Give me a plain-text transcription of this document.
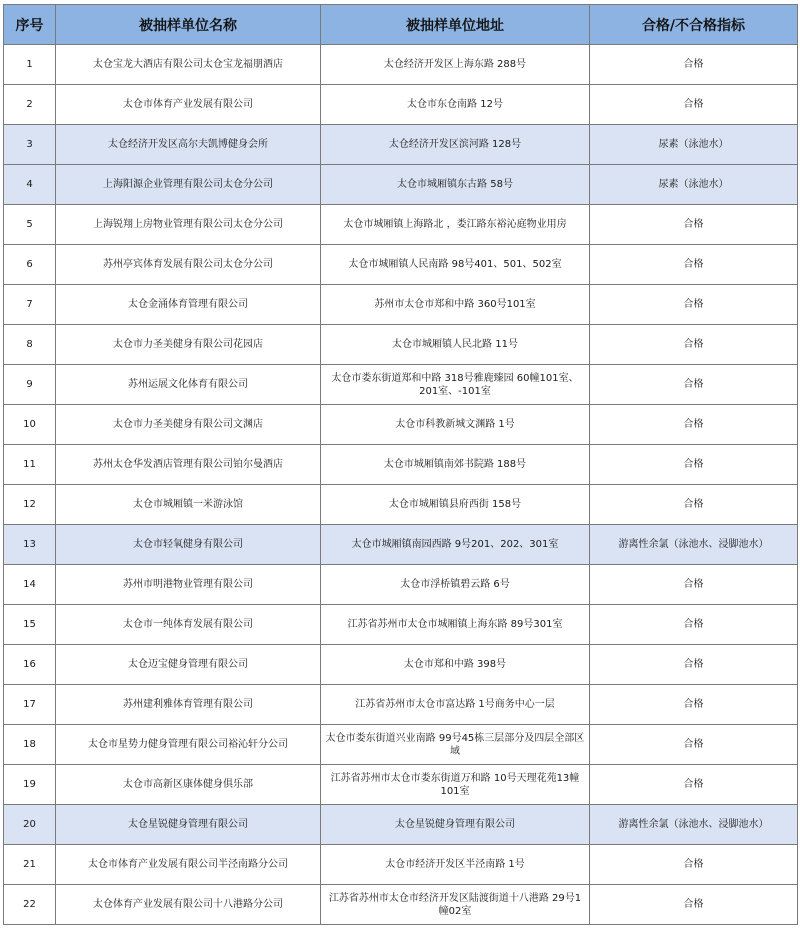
序号	被抽样单位名称	被抽样单位地址	合格/不合格指标
1	太仓宝龙大酒店有限公司太仓宝龙福朋酒店	太仓经济开发区上海东路 288号	合格
2	太仓市体育产业发展有限公司	太仓市东仓南路 12号	合格
3	太仓经济开发区高尔夫凯博健身会所	太仓经济开发区滨河路 128号	尿素（泳池水）
4	上海阳源企业管理有限公司太仓分公司	太仓市城厢镇东古路 58号	尿素（泳池水）
5	上海锐翔上房物业管理有限公司太仓分公司	太仓市城厢镇上海路北 ，娄江路东裕沁庭物业用房	合格
6	苏州亭宾体育发展有限公司太仓分公司	太仓市城厢镇人民南路 98号401、501、502室	合格
7	太仓金涌体育管理有限公司	苏州市太仓市郑和中路 360号101室	合格
8	太仓市力圣美健身有限公司花园店	太仓市城厢镇人民北路 11号	合格
9	苏州运展文化体育有限公司	太仓市娄东街道郑和中路 318号雅鹿臻园 60幢101室、201室、-101室	合格
10	太仓市力圣美健身有限公司文渊店	太仓市科教新城文渊路 1号	合格
11	苏州太仓华发酒店管理有限公司铂尔曼酒店	太仓市城厢镇南郊书院路 188号	合格
12	太仓市城厢镇一米游泳馆	太仓市城厢镇县府西街 158号	合格
13	太仓市轻氧健身有限公司	太仓市城厢镇南园西路 9号201、202、301室	游离性余氯（泳池水、浸脚池水）
14	苏州市明港物业管理有限公司	太仓市浮桥镇碧云路 6号	合格
15	太仓市一纯体育发展有限公司	江苏省苏州市太仓市城厢镇上海东路 89号301室	合格
16	太仓迈宝健身管理有限公司	太仓市郑和中路 398号	合格
17	苏州建利雅体育管理有限公司	江苏省苏州市太仓市富达路 1号商务中心一层	合格
18	太仓市星势力健身管理有限公司裕沁轩分公司	太仓市娄东街道兴业南路 99号45栋三层部分及四层全部区域	合格
19	太仓市高新区康体健身俱乐部	江苏省苏州市太仓市娄东街道万和路 10号天理花苑13幢101室	合格
20	太仓星锐健身管理有限公司	太仓星锐健身管理有限公司	游离性余氯（泳池水、浸脚池水）
21	太仓市体育产业发展有限公司半泾南路分公司	太仓市经济开发区半泾南路 1号	合格
22	太仓体育产业发展有限公司十八港路分公司	江苏省苏州市太仓市经济开发区陆渡街道十八港路 29号1幢02室	合格
